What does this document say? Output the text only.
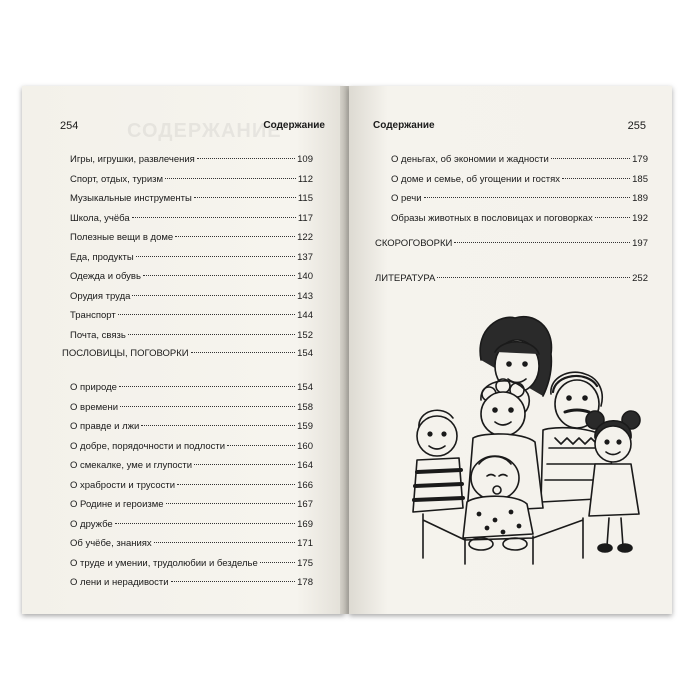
СОДЕРЖАНИЕ
254	Содержание
Игры, игрушки, развлечения	109
Спорт, отдых, туризм	112
Музыкальные инструменты	115
Школа, учёба	117
Полезные вещи в доме	122
Еда, продукты	137
Одежда и обувь	140
Орудия труда	143
Транспорт	144
Почта, связь	152
ПОСЛОВИЦЫ, ПОГОВОРКИ	154
О природе	154
О времени	158
О правде и лжи	159
О добре, порядочности и подлости	160
О смекалке, уме и глупости	164
О храбрости и трусости	166
О Родине и героизме	167
О дружбе	169
Об учёбе, знаниях	171
О труде и умении, трудолюбии и безделье	175
О лени и нерадивости	178
Содержание	255
О деньгах, об экономии и жадности	179
О доме и семье, об угощении и гостях	185
О речи	189
Образы животных в пословицах и поговорках	192
СКОРОГОВОРКИ	197
ЛИТЕРАТУРА	252
